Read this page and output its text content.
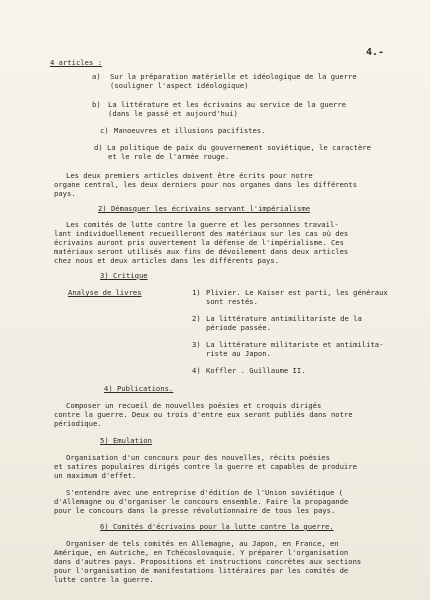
4.-
4 articles :
a) Sur la préparation matérielle et idéologique de la guerre
(souligner l'aspect idéologique)
b) La littérature et les écrivains au service de la guerre
(dans le passé et aujourd'hui)
c) Manoeuvres et illusions pacifistes.
d) La politique de paix du gouvernement soviétique, le caractère
et le role de l'armée rouge.
Les deux premiers articles doivent être écrits pour notre
organe central, les deux derniers pour nos organes dans les différents
pays.
2) Démasquer les écrivains servant l'impérialisme
Les comités de lutte contre la guerre et les personnes travail-
lant individuellement recueilleront des matériaux sur les cas où des
écrivains auront pris ouvertement la défense de l'impérialisme. Ces
matériaux seront utilisés aux fins de dévoilement dans deux articles
chez nous et deux articles dans les différents pays.
3) Critique
Analyse de livres	1) Plivier. Le Kaiser est parti, les généraux
sont restés.
2) La littérature antimilitariste de la
période passée.
3) La littérature militariste et antimilita-
riste au Japon.
4) Koffler . Guillaume II.
4) Publications.
Composer un recueil de nouvelles poésies et croquis dirigés
contre la guerre. Deux ou trois d'entre eux seront publiés dans notre
périodique.
5) Emulation
Organisation d'un concours pour des nouvelles, récits poésies
et satires populaires dirigés contre la guerre et capables de produire
un maximum d'effet.
S'entendre avec une entreprise d'édition de l'Union soviétique (
d'Allemagne ou d'organiser le concours ensemble. Faire la propagande
pour le concours dans la presse révolutionnaire de tous les pays.
6) Comités d'écrivains pour la lutte contre la guerre.
Organiser de tels comités en Allemagne, au Japon, en France, en
Amérique, en Autriche, en Tchécoslovaquie. Y préparer l'organisation
dans d'autres pays. Propositions et instructions concrètes aux sections
pour l'organisation de manifestations littéraires par les comités de
lutte contre la guerre.
